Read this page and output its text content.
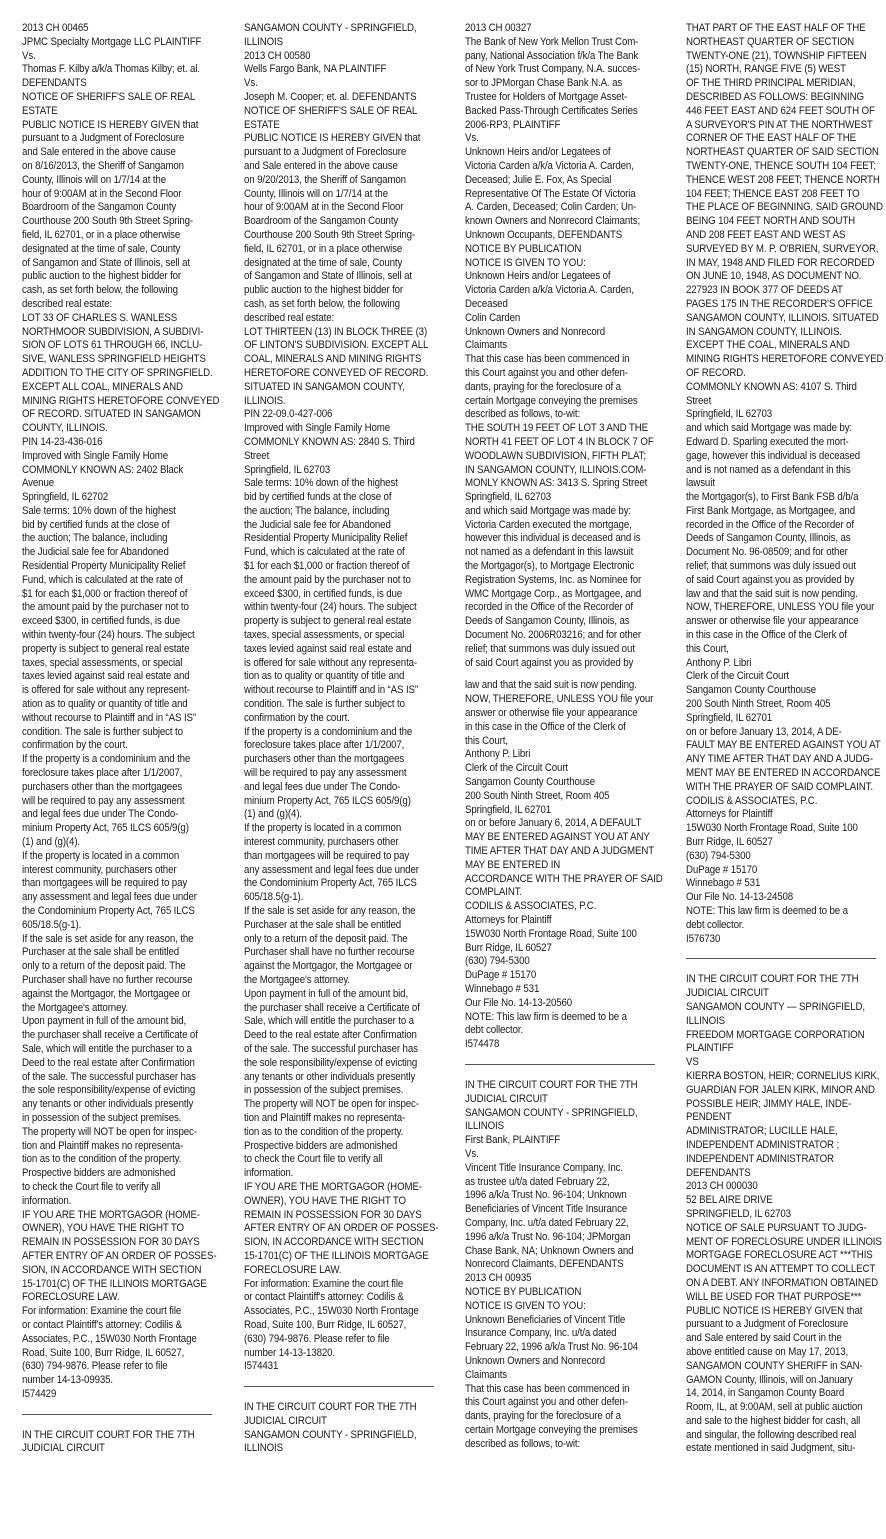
2013 CH 00465
JPMC Specialty Mortgage LLC PLAINTIFF
Vs.
Thomas F. Kilby a/k/a Thomas Kilby; et. al.
DEFENDANTS
NOTICE OF SHERIFF'S SALE OF REAL
ESTATE
PUBLIC NOTICE IS HEREBY GIVEN that
pursuant to a Judgment of Foreclosure
and Sale entered in the above cause
on 8/16/2013, the Sheriff of Sangamon
County, Illinois will on 1/7/14 at the
hour of 9:00AM at in the Second Floor
Boardroom of the Sangamon County
Courthouse 200 South 9th Street Spring-
field, IL 62701, or in a place otherwise
designated at the time of sale, County
of Sangamon and State of Illinois, sell at
public auction to the highest bidder for
cash, as set forth below, the following
described real estate:
LOT 33 OF CHARLES S. WANLESS
NORTHMOOR SUBDIVISION, A SUBDIVI-
SION OF LOTS 61 THROUGH 66, INCLU-
SIVE, WANLESS SPRINGFIELD HEIGHTS
ADDITION TO THE CITY OF SPRINGFIELD.
EXCEPT ALL COAL, MINERALS AND
MINING RIGHTS HERETOFORE CONVEYED
OF RECORD. SITUATED IN SANGAMON
COUNTY, ILLINOIS.
PIN 14-23-436-016
Improved with Single Family Home
COMMONLY KNOWN AS: 2402 Black
Avenue
Springfield, IL 62702
Sale terms: 10% down of the highest
bid by certified funds at the close of
the auction; The balance, including
the Judicial sale fee for Abandoned
Residential Property Municipality Relief
Fund, which is calculated at the rate of
$1 for each $1,000 or fraction thereof of
the amount paid by the purchaser not to
exceed $300, in certified funds, is due
within twenty-four (24) hours. The subject
property is subject to general real estate
taxes, special assessments, or special
taxes levied against said real estate and
is offered for sale without any represent-
ation as to quality or quantity of title and
without recourse to Plaintiff and in “AS IS”
condition. The sale is further subject to
confirmation by the court.
If the property is a condominium and the
foreclosure takes place after 1/1/2007,
purchasers other than the mortgagees
will be required to pay any assessment
and legal fees due under The Condo-
minium Property Act, 765 ILCS 605/9(g)
(1) and (g)(4).
If the property is located in a common
interest community, purchasers other
than mortgagees will be required to pay
any assessment and legal fees due under
the Condominium Property Act, 765 ILCS
605/18.5(g-1).
If the sale is set aside for any reason, the
Purchaser at the sale shall be entitled
only to a return of the deposit paid. The
Purchaser shall have no further recourse
against the Mortgagor, the Mortgagee or
the Mortgagee's attorney.
Upon payment in full of the amount bid,
the purchaser shall receive a Certificate of
Sale, which will entitle the purchaser to a
Deed to the real estate after Confirmation
of the sale. The successful purchaser has
the sole responsibility/expense of evicting
any tenants or other individuals presently
in possession of the subject premises.
The property will NOT be open for inspec-
tion and Plaintiff makes no representa-
tion as to the condition of the property.
Prospective bidders are admonished
to check the Court file to verify all
information.
IF YOU ARE THE MORTGAGOR (HOME-
OWNER), YOU HAVE THE RIGHT TO
REMAIN IN POSSESSION FOR 30 DAYS
AFTER ENTRY OF AN ORDER OF POSSES-
SION, IN ACCORDANCE WITH SECTION
15-1701(C) OF THE ILLINOIS MORTGAGE
FORECLOSURE LAW.
For information: Examine the court file
or contact Plaintiff's attorney: Codilis &
Associates, P.C., 15W030 North Frontage
Road, Suite 100, Burr Ridge, IL 60527,
(630) 794-9876. Please refer to file
number 14-13-09935.
I574429
IN THE CIRCUIT COURT FOR THE 7TH
JUDICIAL CIRCUIT
SANGAMON COUNTY - SPRINGFIELD,
ILLINOIS
2013 CH 00580
Wells Fargo Bank, NA PLAINTIFF
Vs.
Joseph M. Cooper; et. al. DEFENDANTS
NOTICE OF SHERIFF'S SALE OF REAL
ESTATE
PUBLIC NOTICE IS HEREBY GIVEN that
pursuant to a Judgment of Foreclosure
and Sale entered in the above cause
on 9/20/2013, the Sheriff of Sangamon
County, Illinois will on 1/7/14 at the
hour of 9:00AM at in the Second Floor
Boardroom of the Sangamon County
Courthouse 200 South 9th Street Spring-
field, IL 62701, or in a place otherwise
designated at the time of sale, County
of Sangamon and State of Illinois, sell at
public auction to the highest bidder for
cash, as set forth below, the following
described real estate:
LOT THIRTEEN (13) IN BLOCK THREE (3)
OF LINTON'S SUBDIVISION. EXCEPT ALL
COAL, MINERALS AND MINING RIGHTS
HERETOFORE CONVEYED OF RECORD.
SITUATED IN SANGAMON COUNTY,
ILLINOIS.
PIN 22-09.0-427-006
Improved with Single Family Home
COMMONLY KNOWN AS: 2840 S. Third
Street
Springfield, IL 62703
Sale terms: 10% down of the highest
bid by certified funds at the close of
the auction; The balance, including
the Judicial sale fee for Abandoned
Residential Property Municipality Relief
Fund, which is calculated at the rate of
$1 for each $1,000 or fraction thereof of
the amount paid by the purchaser not to
exceed $300, in certified funds, is due
within twenty-four (24) hours. The subject
property is subject to general real estate
taxes, special assessments, or special
taxes levied against said real estate and
is offered for sale without any representa-
tion as to quality or quantity of title and
without recourse to Plaintiff and in “AS IS”
condition. The sale is further subject to
confirmation by the court.
If the property is a condominium and the
foreclosure takes place after 1/1/2007,
purchasers other than the mortgagees
will be required to pay any assessment
and legal fees due under The Condo-
minium Property Act, 765 ILCS 605/9(g)
(1) and (g)(4).
If the property is located in a common
interest community, purchasers other
than mortgagees will be required to pay
any assessment and legal fees due under
the Condominium Property Act, 765 ILCS
605/18.5(g-1).
If the sale is set aside for any reason, the
Purchaser at the sale shall be entitled
only to a return of the deposit paid. The
Purchaser shall have no further recourse
against the Mortgagor, the Mortgagee or
the Mortgagee's attorney.
Upon payment in full of the amount bid,
the purchaser shall receive a Certificate of
Sale, which will entitle the purchaser to a
Deed to the real estate after Confirmation
of the sale. The successful purchaser has
the sole responsibility/expense of evicting
any tenants or other individuals presently
in possession of the subject premises.
The property will NOT be open for inspec-
tion and Plaintiff makes no representa-
tion as to the condition of the property.
Prospective bidders are admonished
to check the Court file to verify all
information.
IF YOU ARE THE MORTGAGOR (HOME-
OWNER), YOU HAVE THE RIGHT TO
REMAIN IN POSSESSION FOR 30 DAYS
AFTER ENTRY OF AN ORDER OF POSSES-
SION, IN ACCORDANCE WITH SECTION
15-1701(C) OF THE ILLINOIS MORTGAGE
FORECLOSURE LAW.
For information: Examine the court file
or contact Plaintiff's attorney: Codilis &
Associates, P.C., 15W030 North Frontage
Road, Suite 100, Burr Ridge, IL 60527,
(630) 794-9876. Please refer to file
number 14-13-13820.
I574431
IN THE CIRCUIT COURT FOR THE 7TH
JUDICIAL CIRCUIT
SANGAMON COUNTY - SPRINGFIELD,
ILLINOIS
2013 CH 00327
The Bank of New York Mellon Trust Com-
pany, National Association f/k/a The Bank
of New York Trust Company, N.A. succes-
sor to JPMorgan Chase Bank N.A. as
Trustee for Holders of Mortgage Asset-
Backed Pass-Through Certificates Series
2006-RP3, PLAINTIFF
Vs.
Unknown Heirs and/or Legatees of
Victoria Carden a/k/a Victoria A. Carden,
Deceased; Julie E. Fox, As Special
Representative Of The Estate Of Victoria
A. Carden, Deceased; Colin Carden; Un-
known Owners and Nonrecord Claimants;
Unknown Occupants, DEFENDANTS
NOTICE BY PUBLICATION
NOTICE IS GIVEN TO YOU:
Unknown Heirs and/or Legatees of
Victoria Carden a/k/a Victoria A. Carden,
Deceased
Colin Carden
Unknown Owners and Nonrecord
Claimants
That this case has been commenced in
this Court against you and other defen-
dants, praying for the foreclosure of a
certain Mortgage conveying the premises
described as follows, to-wit:
THE SOUTH 19 FEET OF LOT 3 AND THE
NORTH 41 FEET OF LOT 4 IN BLOCK 7 OF
WOODLAWN SUBDIVISION, FIFTH PLAT;
IN SANGAMON COUNTY, ILLINOIS.COM-
MONLY KNOWN AS: 3413 S. Spring Street
Springfield, IL 62703
and which said Mortgage was made by:
Victoria Carden executed the mortgage,
however this individual is deceased and is
not named as a defendant in this lawsuit
the Mortgagor(s), to Mortgage Electronic
Registration Systems, Inc. as Nominee for
WMC Mortgage Corp., as Mortgagee, and
recorded in the Office of the Recorder of
Deeds of Sangamon County, Illinois, as
Document No. 2006R03216; and for other
relief; that summons was duly issued out
of said Court against you as provided by
law and that the said suit is now pending.
NOW, THEREFORE, UNLESS YOU file your
answer or otherwise file your appearance
in this case in the Office of the Clerk of
this Court,
Anthony P. Libri
Clerk of the Circuit Court
Sangamon County Courthouse
200 South Ninth Street, Room 405
Springfield, IL 62701
on or before January 6, 2014, A DEFAULT
MAY BE ENTERED AGAINST YOU AT ANY
TIME AFTER THAT DAY AND A JUDGMENT
MAY BE ENTERED IN
ACCORDANCE WITH THE PRAYER OF SAID
COMPLAINT.
CODILIS & ASSOCIATES, P.C.
Attorneys for Plaintiff
15W030 North Frontage Road, Suite 100
Burr Ridge, IL 60527
(630) 794-5300
DuPage # 15170
Winnebago # 531
Our File No. 14-13-20560
NOTE: This law firm is deemed to be a
debt collector.
I574478
IN THE CIRCUIT COURT FOR THE 7TH
JUDICIAL CIRCUIT
SANGAMON COUNTY - SPRINGFIELD,
ILLINOIS
First Bank, PLAINTIFF
Vs.
Vincent Title Insurance Company, Inc.
as trustee u/t/a dated February 22,
1996 a/k/a Trust No. 96-104; Unknown
Beneficiaries of Vincent Title Insurance
Company, Inc. u/t/a dated February 22,
1996 a/k/a Trust No. 96-104; JPMorgan
Chase Bank, NA; Unknown Owners and
Nonrecord Claimants, DEFENDANTS
2013 CH 00935
NOTICE BY PUBLICATION
NOTICE IS GIVEN TO YOU:
Unknown Beneficiaries of Vincent Title
Insurance Company, Inc. u/t/a dated
February 22, 1996 a/k/a Trust No. 96-104
Unknown Owners and Nonrecord
Claimants
That this case has been commenced in
this Court against you and other defen-
dants, praying for the foreclosure of a
certain Mortgage conveying the premises
described as follows, to-wit:
THAT PART OF THE EAST HALF OF THE
NORTHEAST QUARTER OF SECTION
TWENTY-ONE (21), TOWNSHIP FIFTEEN
(15) NORTH, RANGE FIVE (5) WEST
OF THE THIRD PRINCIPAL MERIDIAN,
DESCRIBED AS FOLLOWS: BEGINNING
446 FEET EAST AND 624 FEET SOUTH OF
A SURVEYOR'S PIN AT THE NORTHWEST
CORNER OF THE EAST HALF OF THE
NORTHEAST QUARTER OF SAID SECTION
TWENTY-ONE, THENCE SOUTH 104 FEET;
THENCE WEST 208 FEET; THENCE NORTH
104 FEET; THENCE EAST 208 FEET TO
THE PLACE OF BEGINNING. SAID GROUND
BEING 104 FEET NORTH AND SOUTH
AND 208 FEET EAST AND WEST AS
SURVEYED BY M. P. O'BRIEN, SURVEYOR,
IN MAY, 1948 AND FILED FOR RECORDED
ON JUNE 10, 1948, AS DOCUMENT NO.
227923 IN BOOK 377 OF DEEDS AT
PAGES 175 IN THE RECORDER'S OFFICE
SANGAMON COUNTY, ILLINOIS. SITUATED
IN SANGAMON COUNTY, ILLINOIS.
EXCEPT THE COAL, MINERALS AND
MINING RIGHTS HERETOFORE CONVEYED
OF RECORD.
COMMONLY KNOWN AS: 4107 S. Third
Street
Springfield, IL 62703
and which said Mortgage was made by:
Edward D. Sparling executed the mort-
gage, however this individual is deceased
and is not named as a defendant in this
lawsuit
the Mortgagor(s), to First Bank FSB d/b/a
First Bank Mortgage, as Mortgagee, and
recorded in the Office of the Recorder of
Deeds of Sangamon County, Illinois, as
Document No. 96-08509; and for other
relief; that summons was duly issued out
of said Court against you as provided by
law and that the said suit is now pending.
NOW, THEREFORE, UNLESS YOU file your
answer or otherwise file your appearance
in this case in the Office of the Clerk of
this Court,
Anthony P. Libri
Clerk of the Circuit Court
Sangamon County Courthouse
200 South Ninth Street, Room 405
Springfield, IL 62701
on or before January 13, 2014, A DE-
FAULT MAY BE ENTERED AGAINST YOU AT
ANY TIME AFTER THAT DAY AND A JUDG-
MENT MAY BE ENTERED IN ACCORDANCE
WITH THE PRAYER OF SAID COMPLAINT.
CODILIS & ASSOCIATES, P.C.
Attorneys for Plaintiff
15W030 North Frontage Road, Suite 100
Burr Ridge, IL 60527
(630) 794-5300
DuPage # 15170
Winnebago # 531
Our File No. 14-13-24508
NOTE: This law firm is deemed to be a
debt collector.
I576730
IN THE CIRCUIT COURT FOR THE 7TH
JUDICIAL CIRCUIT
SANGAMON COUNTY — SPRINGFIELD,
ILLINOIS
FREEDOM MORTGAGE CORPORATION
PLAINTIFF
VS
KIERRA BOSTON, HEIR; CORNELIUS KIRK,
GUARDIAN FOR JALEN KIRK, MINOR AND
POSSIBLE HEIR; JIMMY HALE, INDE-
PENDENT
ADMINISTRATOR; LUCILLE HALE,
INDEPENDENT ADMINISTRATOR ;
INDEPENDENT ADMINISTRATOR
DEFENDANTS
2013 CH 000030
52 BEL AIRE DRIVE
SPRINGFIELD, IL 62703
NOTICE OF SALE PURSUANT TO JUDG-
MENT OF FORECLOSURE UNDER ILLINOIS
MORTGAGE FORECLOSURE ACT ***THIS
DOCUMENT IS AN ATTEMPT TO COLLECT
ON A DEBT. ANY INFORMATION OBTAINED
WILL BE USED FOR THAT PURPOSE***
PUBLIC NOTICE IS HEREBY GIVEN that
pursuant to a Judgment of Foreclosure
and Sale entered by said Court in the
above entitled cause on May 17, 2013,
SANGAMON COUNTY SHERIFF in SAN-
GAMON County, Illinois, will on January
14, 2014, in Sangamon County Board
Room, IL, at 9:00AM, sell at public auction
and sale to the highest bidder for cash, all
and singular, the following described real
estate mentioned in said Judgment, situ-
